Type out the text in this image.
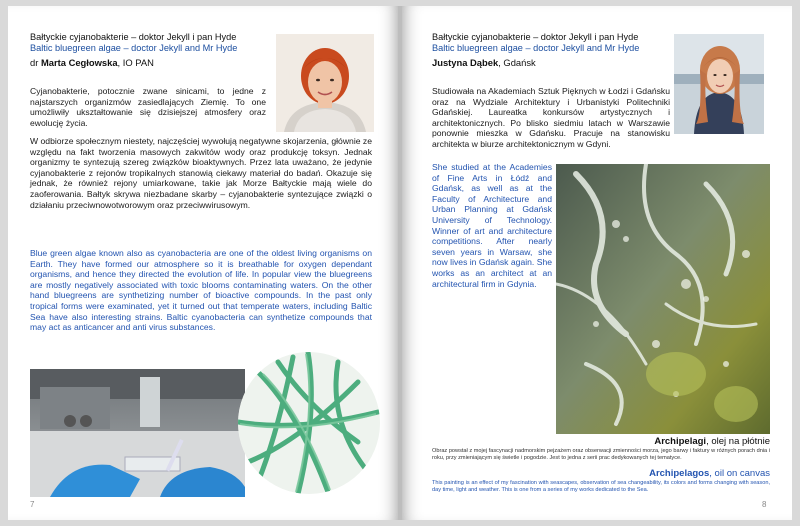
Bałtyckie cyjanobakterie – doktor Jekyll i pan Hyde
Baltic bluegreen algae – doctor Jekyll and Mr Hyde
dr Marta Cegłowska, IO PAN

Cyjanobakterie, potocznie zwane sinicami, to jedne z najstarszych organizmów zasiedlających Ziemię. To one umożliwiły ukształtowanie się dzisiejszej atmosfery oraz ewolucję życia.

W odbiorze społecznym niestety, najczęściej wywołują negatywne skojarzenia, głównie ze względu na fakt tworzenia masowych zakwitów wody oraz produkcję toksyn. Jednak organizmy te syntezują szereg związków bioaktywnych. Przez lata uważano, że jedynie cyjanobakterie z rejonów tropikalnych stanowią ciekawy materiał do badań. Okazuje się jednak, że również rejony umiarkowane, takie jak Morze Bałtyckie mają wiele do zaoferowania. Bałtyk skrywa niezbadane skarby – cyjanobakterie syntezujące związki o działaniu przeciwnowotworowym oraz przeciwwirusowym.

Blue green algae known also as cyanobacteria are one of the oldest living organisms on Earth. They have formed our atmosphere so it is breathable for oxygen dependant organisms, and hence they directed the evolution of life. In popular view the bluegreens are mostly negatively associated with toxic blooms contaminating waters. On the other hand bluegreens are synthetizing number of bioactive compounds. In the past only tropical forms were examinated, yet it turned out that temperate waters, including Baltic Sea have also interesting strains. Baltic cyanobacteria can synthetize compounds that may act as anticancer and anti virus substances.

7
Bałtyckie cyjanobakterie – doktor Jekyll i pan Hyde
Baltic bluegreen algae – doctor Jekyll and Mr Hyde
Justyna Dąbek, Gdańsk

Studiowała na Akademiach Sztuk Pięknych w Łodzi i Gdańsku oraz na Wydziale Architektury i Urbanistyki Politechniki Gdańskiej. Laureatka konkursów artystycznych i architektonicznych. Po blisko siedmiu latach w Warszawie ponownie mieszka w Gdańsku. Pracuje na stanowisku architekta w biurze architektonicznym w Gdyni.

She studied at the Academies of Fine Arts in Łódź and Gdańsk, as well as at the Faculty of Architecture and Urban Planning at Gdańsk University of Technology. Winner of art and architecture competitions. After nearly seven years in Warsaw, she now lives in Gdańsk again. She works as an architect at an architectural firm in Gdynia.

Archipelagi, olej na płótnie
Obraz powstał z mojej fascynacji nadmorskim pejzażem oraz obserwacji zmienności morza, jego barwy i faktury w różnych porach dnia i roku, przy zmieniającym się świetle i pogodzie. Jest to jedna z serii prac dedykowanych tej tematyce.
Archipelagos, oil on canvas
This painting is an effect of my fascination with seascapes, observation of sea changeability, its colors and forms changing with season, day time, light and weather. This is one from a series of my works dedicated to the Sea.
8
